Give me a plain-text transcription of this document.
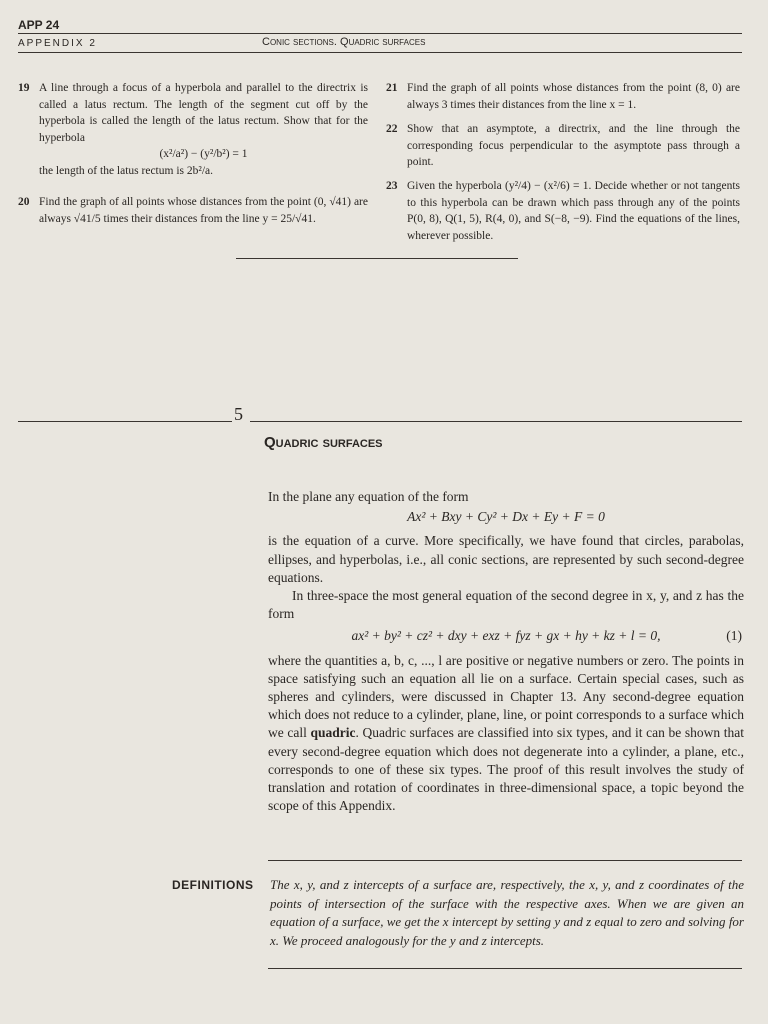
APP 24
APPENDIX 2	Conic sections. Quadric surfaces
19 A line through a focus of a hyperbola and parallel to the directrix is called a latus rectum. The length of the segment cut off by the hyperbola is called the length of the latus rectum. Show that for the hyperbola
(x²/a²) − (y²/b²) = 1
the length of the latus rectum is 2b²/a.
20 Find the graph of all points whose distances from the point (0, √41) are always √41/5 times their distances from the line y = 25/√41.
21 Find the graph of all points whose distances from the point (8, 0) are always 3 times their distances from the line x = 1.
22 Show that an asymptote, a directrix, and the line through the corresponding focus perpendicular to the asymptote pass through a point.
23 Given the hyperbola (y²/4) − (x²/6) = 1. Decide whether or not tangents to this hyperbola can be drawn which pass through any of the points P(0, 8), Q(1, 5), R(4, 0), and S(−8, −9). Find the equations of the lines, wherever possible.
5
Quadric surfaces

In the plane any equation of the form

Ax² + Bxy + Cy² + Dx + Ey + F = 0

is the equation of a curve. More specifically, we have found that circles, parabolas, ellipses, and hyperbolas, i.e., all conic sections, are represented by such second-degree equations.

In three-space the most general equation of the second degree in x, y, and z has the form

ax² + by² + cz² + dxy + exz + fyz + gx + hy + kz + l = 0,	(1)

where the quantities a, b, c, ..., l are positive or negative numbers or zero. The points in space satisfying such an equation all lie on a surface. Certain special cases, such as spheres and cylinders, were discussed in Chapter 13. Any second-degree equation which does not reduce to a cylinder, plane, line, or point corresponds to a surface which we call quadric. Quadric surfaces are classified into six types, and it can be shown that every second-degree equation which does not degenerate into a cylinder, a plane, etc., corresponds to one of these six types. The proof of this result involves the study of translation and rotation of coordinates in three-dimensional space, a topic beyond the scope of this Appendix.

DEFINITIONS The x, y, and z intercepts of a surface are, respectively, the x, y, and z coordinates of the points of intersection of the surface with the respective axes. When we are given an equation of a surface, we get the x intercept by setting y and z equal to zero and solving for x. We proceed analogously for the y and z intercepts.
